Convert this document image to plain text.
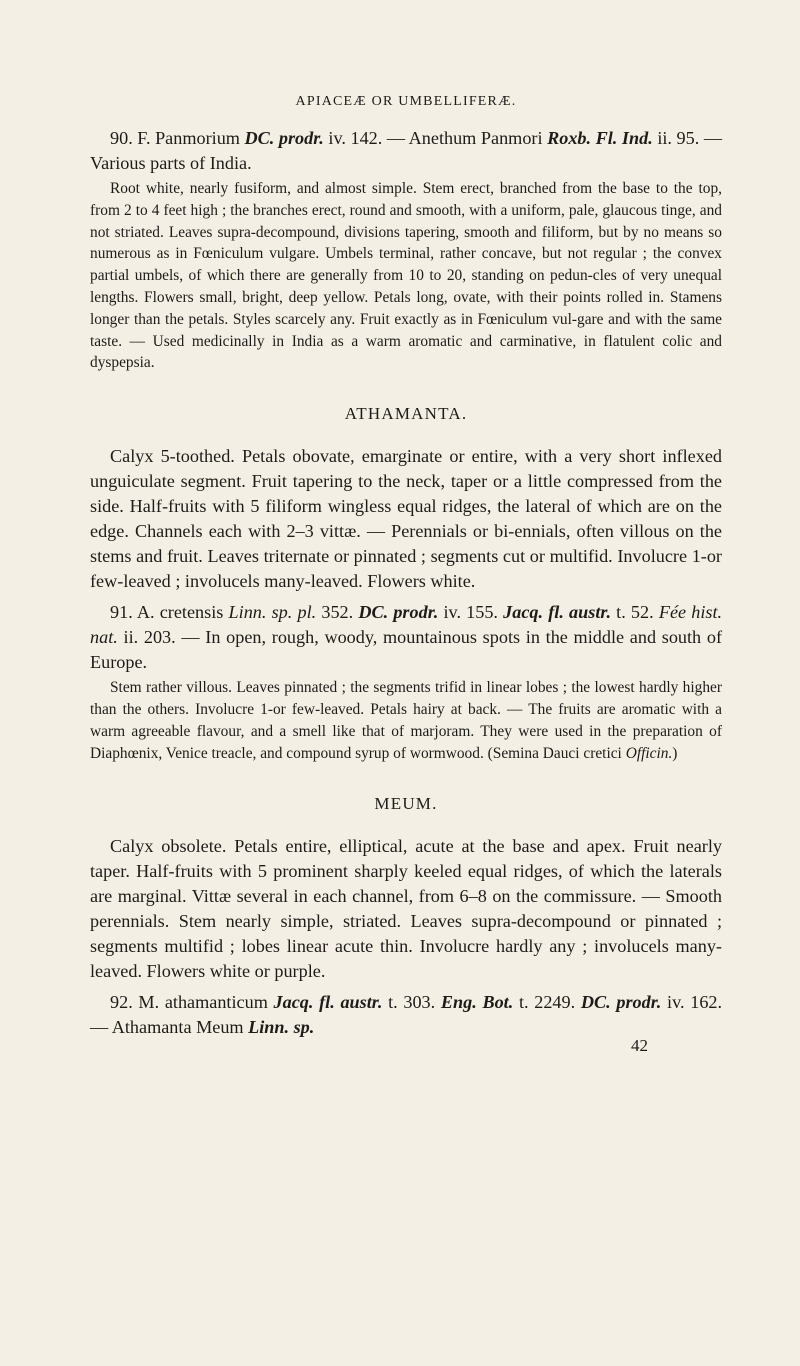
APIACEÆ OR UMBELLIFERÆ.

90. F. Panmorium DC. prodr. iv. 142. — Anethum Panmori Roxb. Fl. Ind. ii. 95. — Various parts of India.

Root white, nearly fusiform, and almost simple. Stem erect, branched from the base to the top, from 2 to 4 feet high ; the branches erect, round and smooth, with a uniform, pale, glaucous tinge, and not striated. Leaves supra-decompound, divisions tapering, smooth and filiform, but by no means so numerous as in Fœniculum vulgare. Umbels terminal, rather concave, but not regular ; the convex partial umbels, of which there are generally from 10 to 20, standing on pedun-cles of very unequal lengths. Flowers small, bright, deep yellow. Petals long, ovate, with their points rolled in. Stamens longer than the petals. Styles scarcely any. Fruit exactly as in Fœniculum vul-gare and with the same taste. — Used medicinally in India as a warm aromatic and carminative, in flatulent colic and dyspepsia.

ATHAMANTA.

Calyx 5-toothed. Petals obovate, emarginate or entire, with a very short inflexed unguiculate segment. Fruit tapering to the neck, taper or a little compressed from the side. Half-fruits with 5 filiform wingless equal ridges, the lateral of which are on the edge. Channels each with 2–3 vittæ. — Perennials or bi-ennials, often villous on the stems and fruit. Leaves triternate or pinnated ; segments cut or multifid. Involucre 1-or few-leaved ; involucels many-leaved. Flowers white.

91. A. cretensis Linn. sp. pl. 352. DC. prodr. iv. 155. Jacq. fl. austr. t. 52. Fée hist. nat. ii. 203. — In open, rough, woody, mountainous spots in the middle and south of Europe.

Stem rather villous. Leaves pinnated ; the segments trifid in linear lobes ; the lowest hardly higher than the others. Involucre 1-or few-leaved. Petals hairy at back. — The fruits are aromatic with a warm agreeable flavour, and a smell like that of marjoram. They were used in the preparation of Diaphœnix, Venice treacle, and compound syrup of wormwood. (Semina Dauci cretici Officin.)

MEUM.

Calyx obsolete. Petals entire, elliptical, acute at the base and apex. Fruit nearly taper. Half-fruits with 5 prominent sharply keeled equal ridges, of which the laterals are marginal. Vittæ several in each channel, from 6–8 on the commissure. — Smooth perennials. Stem nearly simple, striated. Leaves supra-decompound or pinnated ; segments multifid ; lobes linear acute thin. Involucre hardly any ; involucels many-leaved. Flowers white or purple.

92. M. athamanticum Jacq. fl. austr. t. 303. Eng. Bot. t. 2249. DC. prodr. iv. 162. — Athamanta Meum Linn. sp.

42
